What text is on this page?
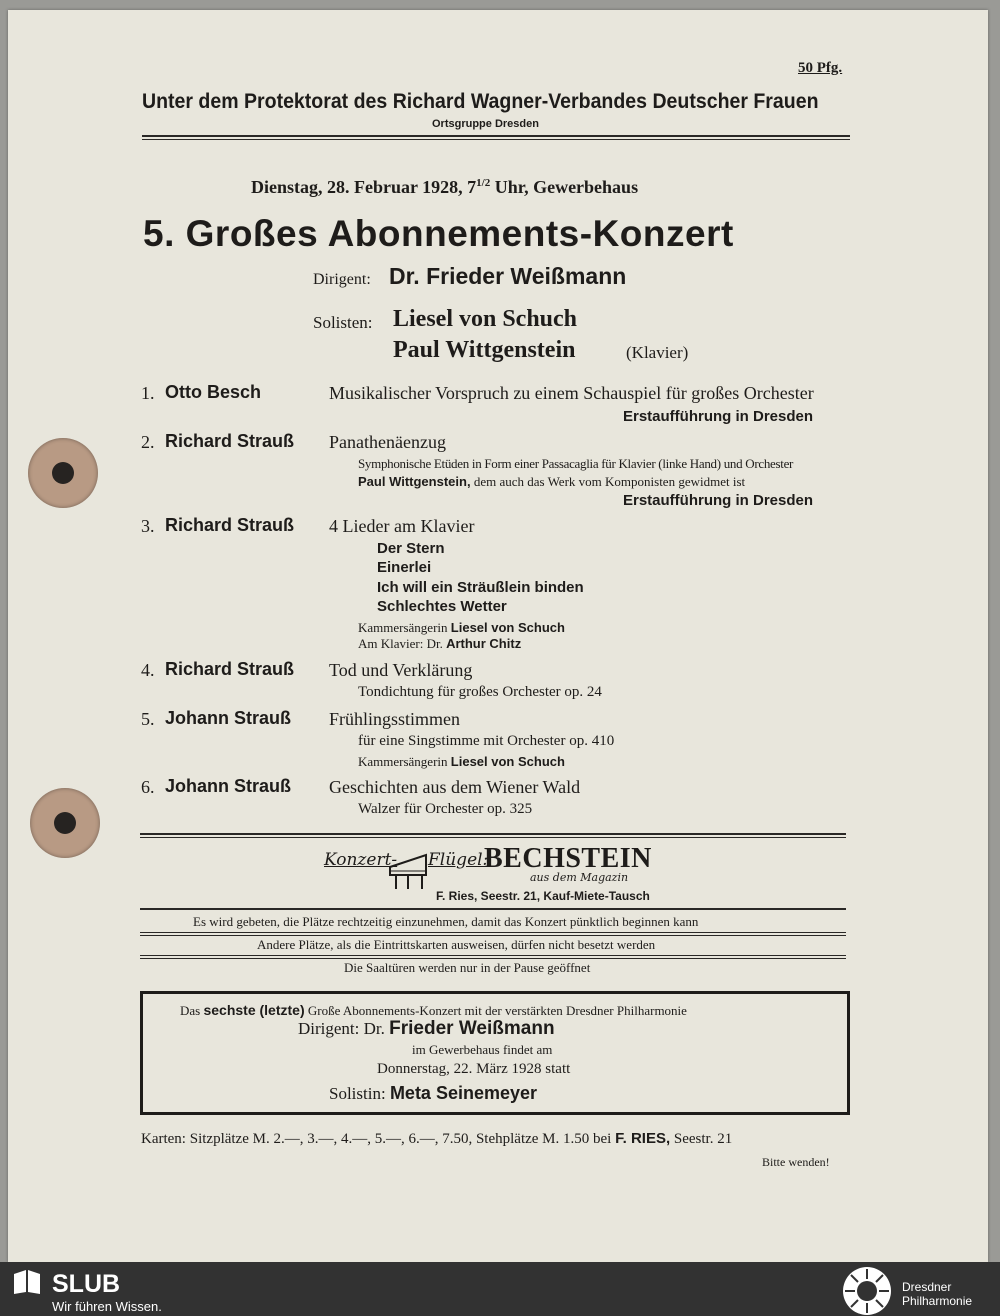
50 Pfg.
Unter dem Protektorat des Richard Wagner-Verbandes Deutscher Frauen
Ortsgruppe Dresden
Dienstag, 28. Februar 1928, $7^{1/2}$ Uhr, Gewerbehaus
5. Großes Abonnements-Konzert
Dirigent: Dr. Frieder Weißmann
Solisten: Liesel von Schuch
Paul Wittgenstein	(Klavier)
1. Otto Besch	Musikalischer Vorspruch zu einem Schauspiel für großes Orchester
Erstaufführung in Dresden
2. Richard Strauß Panathenäenzug
Symphonische Etüden in Form einer Passacaglia für Klavier (linke Hand) und Orchester
Paul Wittgenstein, dem auch das Werk vom Komponisten gewidmet ist
Erstaufführung in Dresden
3. Richard Strauß 4 Lieder am Klavier
Der Stern
Einerlei
Ich will ein Sträußlein binden
Schlechtes Wetter
Kammersängerin Liesel von Schuch
Am Klavier: Dr. Arthur Chitz
4. Richard Strauß Tod und Verklärung
Tondichtung für großes Orchester op. 24
5. Johann Strauß Frühlingsstimmen
für eine Singstimme mit Orchester op. 410
Kammersängerin Liesel von Schuch
6. Johann Strauß Geschichten aus dem Wiener Wald
Walzer für Orchester op. 325
Konzert- Flügel:
BECHSTEIN
aus dem Magazin
F. Ries, Seestr. 21, Kauf-Miete-Tausch
Es wird gebeten, die Plätze rechtzeitig einzunehmen, damit das Konzert pünktlich beginnen kann
Andere Plätze, als die Eintrittskarten ausweisen, dürfen nicht besetzt werden
Die Saaltüren werden nur in der Pause geöffnet
Das sechste (letzte) Große Abonnements-Konzert mit der verstärkten Dresdner Philharmonie
Dirigent: Dr. Frieder Weißmann
im Gewerbehaus findet am
Donnerstag, 22. März 1928 statt
Solistin: Meta Seinemeyer
Karten: Sitzplätze M. 2.—, 3.—, 4.—, 5.—, 6.—, 7.50, Stehplätze M. 1.50 bei F. RIES, Seestr. 21
Bitte wenden!
SLUB
Wir führen Wissen.
Dresdner
Philharmonie
